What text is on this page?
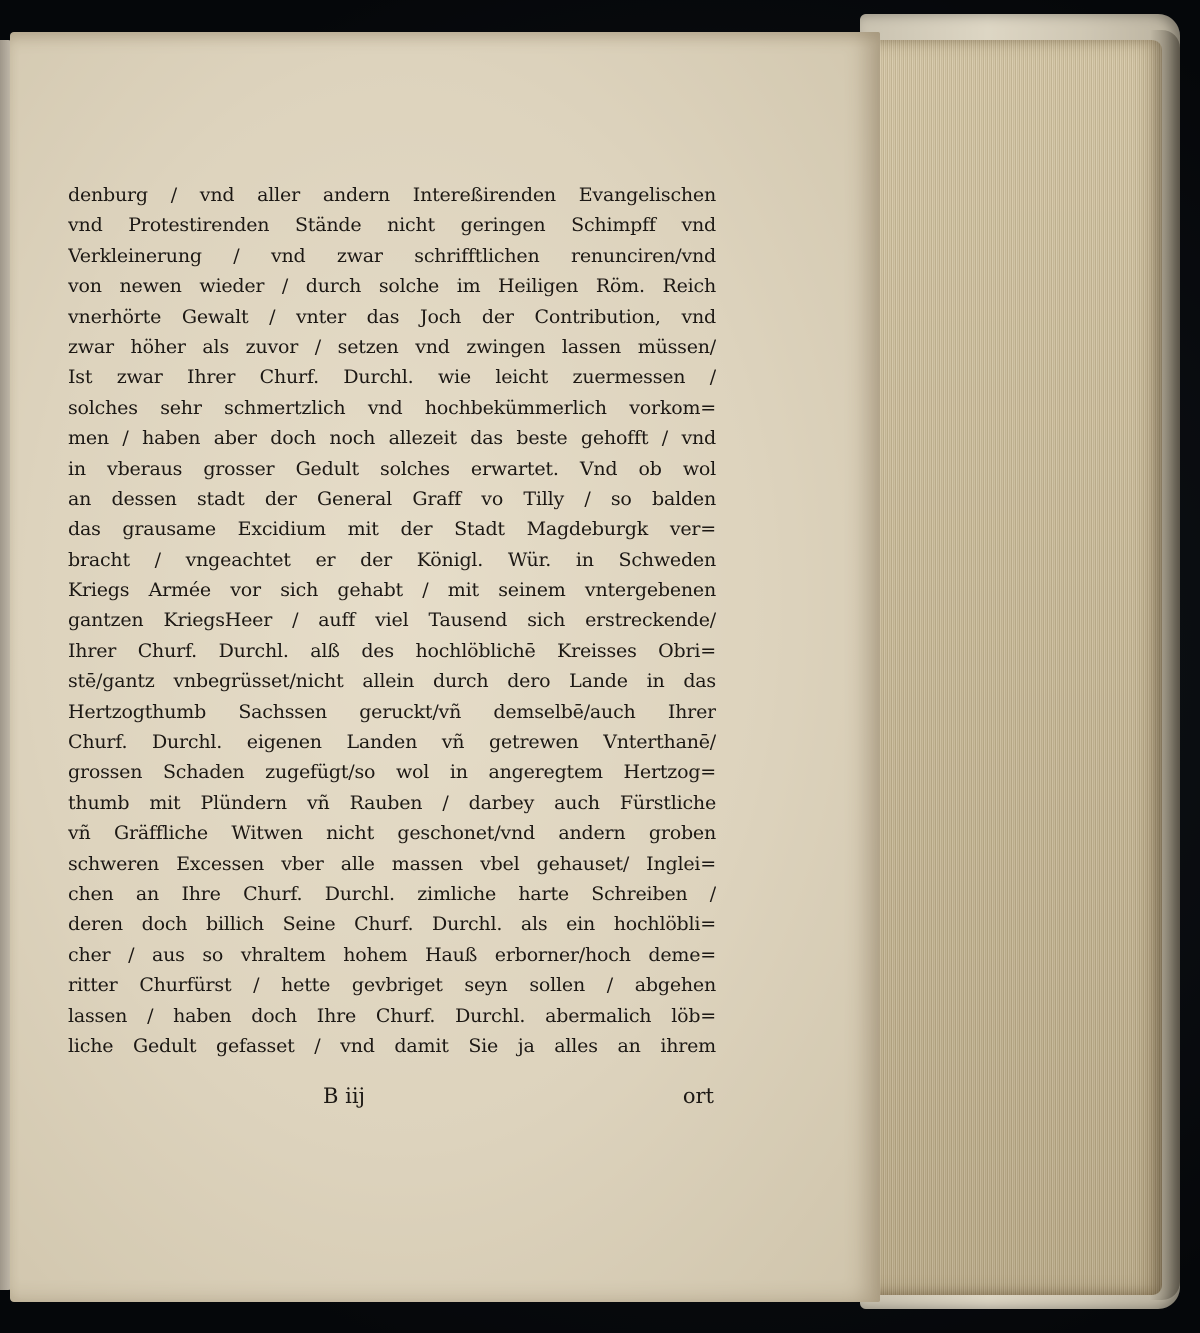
denburg / vnd aller andern Intereßirenden Evangelischen
vnd Protestirenden Stände nicht geringen Schimpff vnd
Verkleinerung / vnd zwar schrifftlichen renunciren/vnd
von newen wieder / durch solche im Heiligen Röm. Reich
vnerhörte Gewalt / vnter das Joch der Contribution, vnd
zwar höher als zuvor / setzen vnd zwingen lassen müssen/
Ist zwar Ihrer Churf. Durchl. wie leicht zuermessen /
solches sehr schmertzlich vnd hochbekümmerlich vorkom=
men / haben aber doch noch allezeit das beste gehofft / vnd
in vberaus grosser Gedult solches erwartet. Vnd ob wol
an dessen stadt der General Graff vo Tilly / so balden
das grausame Excidium mit der Stadt Magdeburgk ver=
bracht / vngeachtet er der Königl. Wür. in Schweden
Kriegs Armée vor sich gehabt / mit seinem vntergebenen
gantzen KriegsHeer / auff viel Tausend sich erstreckende/
Ihrer Churf. Durchl. alß des hochlöblichē Kreisses Obri=
stē/gantz vnbegrüsset/nicht allein durch dero Lande in das
Hertzogthumb Sachssen geruckt/vñ demselbē/auch Ihrer
Churf. Durchl. eigenen Landen vñ getrewen Vnterthanē/
grossen Schaden zugefügt/so wol in angeregtem Hertzog=
thumb mit Plündern vñ Rauben / darbey auch Fürstliche
vñ Gräffliche Witwen nicht geschonet/vnd andern groben
schweren Excessen vber alle massen vbel gehauset/ Inglei=
chen an Ihre Churf. Durchl. zimliche harte Schreiben /
deren doch billich Seine Churf. Durchl. als ein hochlöbli=
cher / aus so vhraltem hohem Hauß erborner/hoch deme=
ritter Churfürst / hette gevbriget seyn sollen / abgehen
lassen / haben doch Ihre Churf. Durchl. abermalich löb=
liche Gedult gefasset / vnd damit Sie ja alles an ihrem
B iij	ort
